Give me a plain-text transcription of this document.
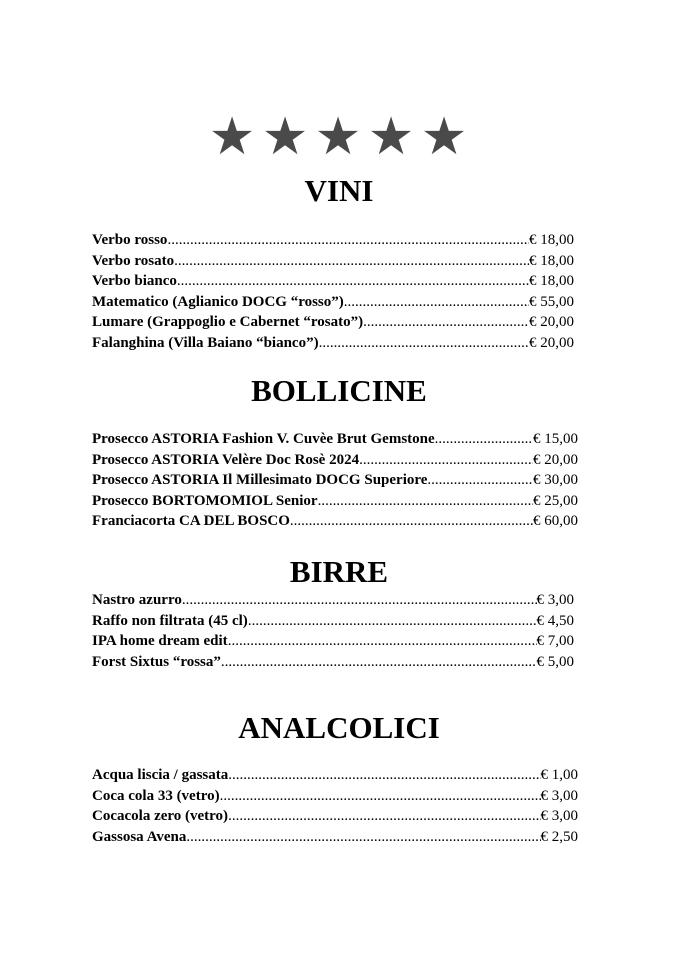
★★★★★
VINI
Verbo rosso .....	€ 18,00
Verbo rosato .....	€ 18,00
Verbo bianco .....	€ 18,00
Matematico (Aglianico DOCG “rosso”) .....	€ 55,00
Lumare (Grappoglio e Cabernet “rosato”) .....	€ 20,00
Falanghina (Villa Baiano “bianco”) .....	€ 20,00
BOLLICINE
Prosecco ASTORIA Fashion V. Cuvèe Brut Gemstone .....	€ 15,00
Prosecco ASTORIA Velère Doc Rosè 2024 .....	€ 20,00
Prosecco ASTORIA Il Millesimato DOCG Superiore .....	€ 30,00
Prosecco BORTOMOMIOL Senior .....	€ 25,00
Franciacorta CA DEL BOSCO .....	€ 60,00
BIRRE
Nastro azurro .....	€ 3,00
Raffo non filtrata (45 cl) .....	€ 4,50
IPA home dream edit .....	€ 7,00
Forst Sixtus “rossa” .....	€ 5,00
ANALCOLICI
Acqua liscia / gassata .....	€ 1,00
Coca cola 33 (vetro) .....	€ 3,00
Cocacola zero (vetro) .....	€ 3,00
Gassosa Avena .....	€ 2,50
